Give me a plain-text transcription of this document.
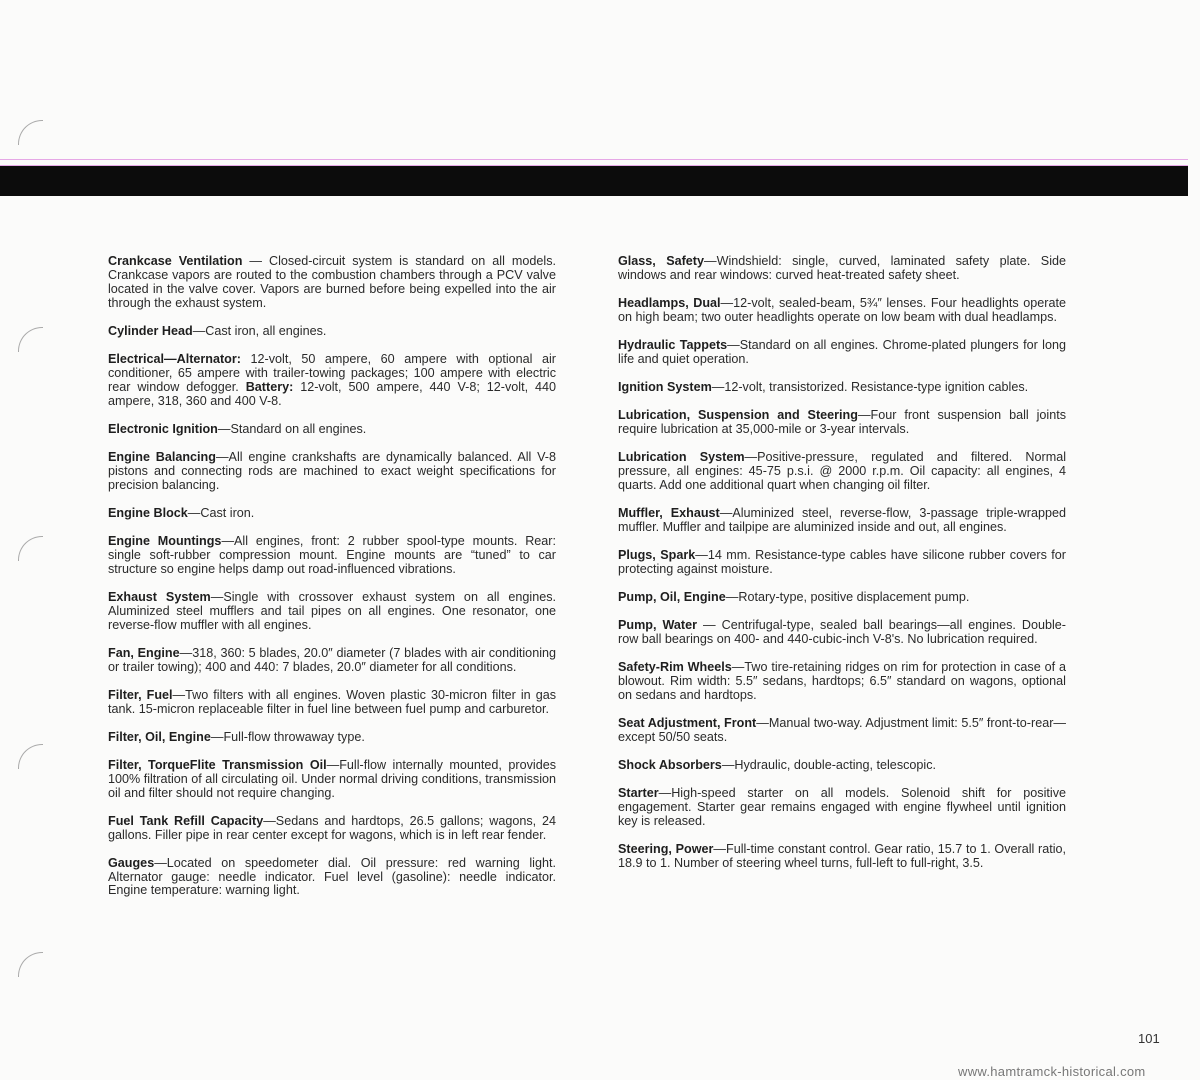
Crankcase Ventilation — Closed-circuit system is standard on all models. Crankcase vapors are routed to the combustion chambers through a PCV valve located in the valve cover. Vapors are burned before being expelled into the air through the exhaust system.

Cylinder Head—Cast iron, all engines.

Electrical—Alternator: 12-volt, 50 ampere, 60 ampere with optional air conditioner, 65 ampere with trailer-towing packages; 100 ampere with electric rear window defogger. Battery: 12-volt, 500 ampere, 440 V-8; 12-volt, 440 ampere, 318, 360 and 400 V-8.

Electronic Ignition—Standard on all engines.

Engine Balancing—All engine crankshafts are dynamically balanced. All V-8 pistons and connecting rods are machined to exact weight specifications for precision balancing.

Engine Block—Cast iron.

Engine Mountings—All engines, front: 2 rubber spool-type mounts. Rear: single soft-rubber compression mount. Engine mounts are “tuned” to car structure so engine helps damp out road-influenced vibrations.

Exhaust System—Single with crossover exhaust system on all engines. Aluminized steel mufflers and tail pipes on all engines. One resonator, one reverse-flow muffler with all engines.

Fan, Engine—318, 360: 5 blades, 20.0″ diameter (7 blades with air conditioning or trailer towing); 400 and 440: 7 blades, 20.0″ diameter for all conditions.

Filter, Fuel—Two filters with all engines. Woven plastic 30-micron filter in gas tank. 15-micron replaceable filter in fuel line between fuel pump and carburetor.

Filter, Oil, Engine—Full-flow throwaway type.

Filter, TorqueFlite Transmission Oil—Full-flow internally mounted, provides 100% filtration of all circulating oil. Under normal driving conditions, transmission oil and filter should not require changing.

Fuel Tank Refill Capacity—Sedans and hardtops, 26.5 gallons; wagons, 24 gallons. Filler pipe in rear center except for wagons, which is in left rear fender.

Gauges—Located on speedometer dial. Oil pressure: red warning light. Alternator gauge: needle indicator. Fuel level (gasoline): needle indicator. Engine temperature: warning light.

Glass, Safety—Windshield: single, curved, laminated safety plate. Side windows and rear windows: curved heat-treated safety sheet.

Headlamps, Dual—12-volt, sealed-beam, 5¾″ lenses. Four headlights operate on high beam; two outer headlights operate on low beam with dual headlamps.

Hydraulic Tappets—Standard on all engines. Chrome-plated plungers for long life and quiet operation.

Ignition System—12-volt, transistorized. Resistance-type ignition cables.

Lubrication, Suspension and Steering—Four front suspension ball joints require lubrication at 35,000-mile or 3-year intervals.

Lubrication System—Positive-pressure, regulated and filtered. Normal pressure, all engines: 45-75 p.s.i. @ 2000 r.p.m. Oil capacity: all engines, 4 quarts. Add one additional quart when changing oil filter.

Muffler, Exhaust—Aluminized steel, reverse-flow, 3-passage triple-wrapped muffler. Muffler and tailpipe are aluminized inside and out, all engines.

Plugs, Spark—14 mm. Resistance-type cables have silicone rubber covers for protecting against moisture.

Pump, Oil, Engine—Rotary-type, positive displacement pump.

Pump, Water — Centrifugal-type, sealed ball bearings—all engines. Double-row ball bearings on 400- and 440-cubic-inch V-8's. No lubrication required.

Safety-Rim Wheels—Two tire-retaining ridges on rim for protection in case of a blowout. Rim width: 5.5″ sedans, hardtops; 6.5″ standard on wagons, optional on sedans and hardtops.

Seat Adjustment, Front—Manual two-way. Adjustment limit: 5.5″ front-to-rear—except 50/50 seats.

Shock Absorbers—Hydraulic, double-acting, telescopic.

Starter—High-speed starter on all models. Solenoid shift for positive engagement. Starter gear remains engaged with engine flywheel until ignition key is released.

Steering, Power—Full-time constant control. Gear ratio, 15.7 to 1. Overall ratio, 18.9 to 1. Number of steering wheel turns, full-left to full-right, 3.5.

101
www.hamtramck-historical.com
